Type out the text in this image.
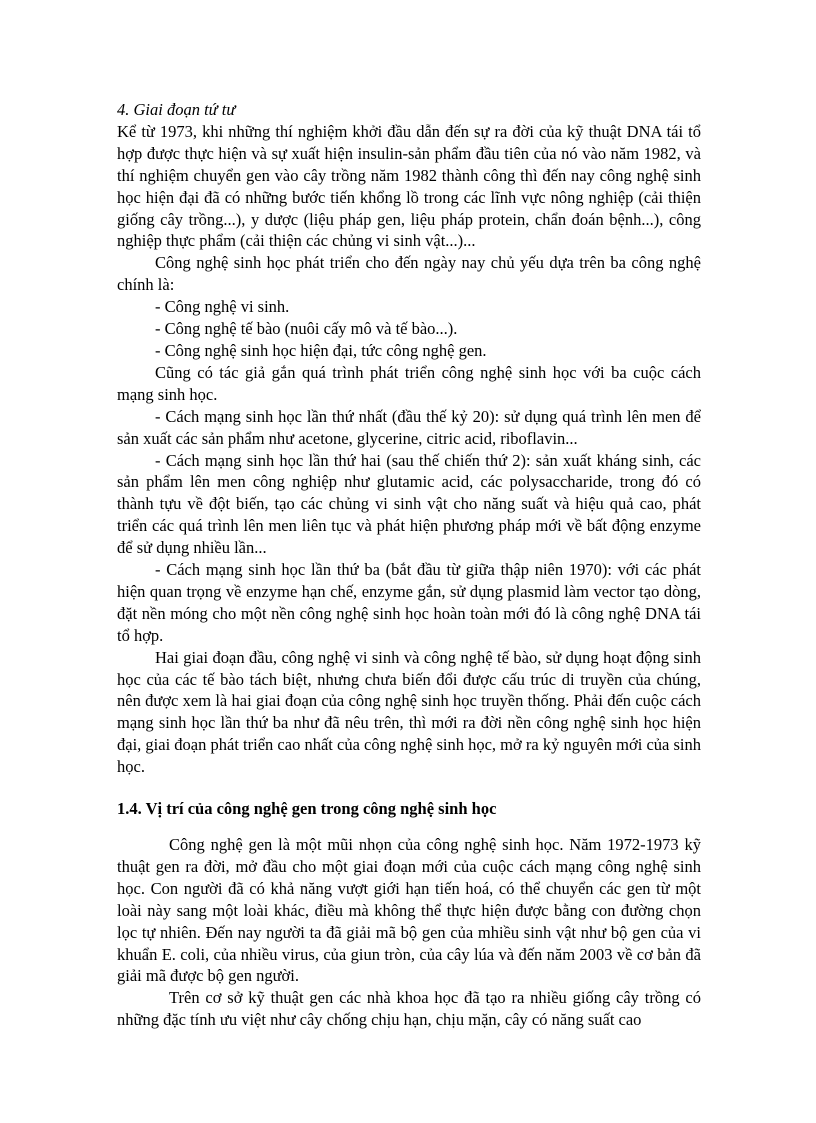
4. Giai đoạn tứ tư

Kể từ 1973, khi những thí nghiệm khởi đầu dẫn đến sự ra đời của kỹ thuật DNA tái tổ hợp được thực hiện và sự xuất hiện insulin-sản phẩm đầu tiên của nó vào năm 1982, và thí nghiệm chuyển gen vào cây trồng năm 1982 thành công thì đến nay công nghệ sinh học hiện đại đã có những bước tiến khổng lồ trong các lĩnh vực nông nghiệp (cải thiện giống cây trồng...), y dược (liệu pháp gen, liệu pháp protein, chẩn đoán bệnh...), công nghiệp thực phẩm (cải thiện các chủng vi sinh vật...)...

Công nghệ sinh học phát triển cho đến ngày nay chủ yếu dựa trên ba công nghệ chính là:

- Công nghệ vi sinh.

- Công nghệ tế bào (nuôi cấy mô và tế bào...).

- Công nghệ sinh học hiện đại, tức công nghệ gen.

Cũng có tác giả gắn quá trình phát triển công nghệ sinh học với ba cuộc cách mạng sinh học.

- Cách mạng sinh học lần thứ nhất (đầu thế kỷ 20): sử dụng quá trình lên men để sản xuất các sản phẩm như acetone, glycerine, citric acid, riboflavin...

- Cách mạng sinh học lần thứ hai (sau thế chiến thứ 2): sản xuất kháng sinh, các sản phẩm lên men công nghiệp như glutamic acid, các polysaccharide, trong đó có thành tựu về đột biến, tạo các chủng vi sinh vật cho năng suất và hiệu quả cao, phát triển các quá trình lên men liên tục và phát hiện phương pháp mới về bất động enzyme để sử dụng nhiều lần...

- Cách mạng sinh học lần thứ ba (bắt đầu từ giữa thập niên 1970): với các phát hiện quan trọng về enzyme hạn chế, enzyme gắn, sử dụng plasmid làm vector tạo dòng, đặt nền móng cho một nền công nghệ sinh học hoàn toàn mới đó là công nghệ DNA tái tổ hợp.

Hai giai đoạn đầu, công nghệ vi sinh và công nghệ tế bào, sử dụng hoạt động sinh học của các tế bào tách biệt, nhưng chưa biến đổi được cấu trúc di truyền của chúng, nên được xem là hai giai đoạn của công nghệ sinh học truyền thống. Phải đến cuộc cách mạng sinh học lần thứ ba như đã nêu trên, thì mới ra đời nền công nghệ sinh học hiện đại, giai đoạn phát triển cao nhất của công nghệ sinh học, mở ra kỷ nguyên mới của sinh học.

1.4. Vị trí của công nghệ gen trong công nghệ sinh học

Công nghệ gen là một mũi nhọn của công nghệ sinh học. Năm 1972-1973 kỹ thuật gen ra đời, mở đầu cho một giai đoạn mới của cuộc cách mạng công nghệ sinh học. Con người đã có khả năng vượt giới hạn tiến hoá, có thể chuyển các gen từ một loài này sang một loài khác, điều mà không thể thực hiện được bằng con đường chọn lọc tự nhiên. Đến nay người ta đã giải mã bộ gen của mhiều sinh vật như bộ gen của vi khuẩn E. coli, của nhiều virus, của giun tròn, của cây lúa và đến năm 2003 về cơ bản đã giải mã được bộ gen người.

Trên cơ sở kỹ thuật gen các nhà khoa học đã tạo ra nhiều giống cây trồng có những đặc tính ưu việt như cây chống chịu hạn, chịu mặn, cây có năng suất cao
